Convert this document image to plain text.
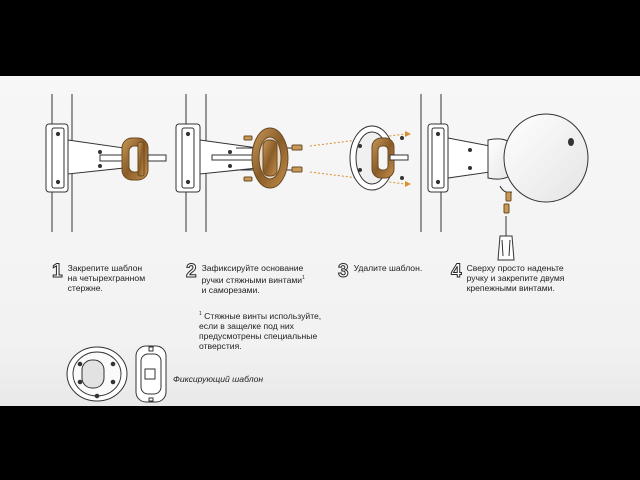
1 Закрепите шаблон
на четырехгранном
стержне.
2 Зафиксируйте основание
ручки стяжными винтами$^1$
и саморезами.
3 Удалите шаблон. 4 Сверху просто наденьте
ручку и закрепите двумя
крепежными винтами.
$^1$ Стяжные винты используйте,
если в защелке под них
предусмотрены специальные
отверстия.
Фиксирующий шаблон
